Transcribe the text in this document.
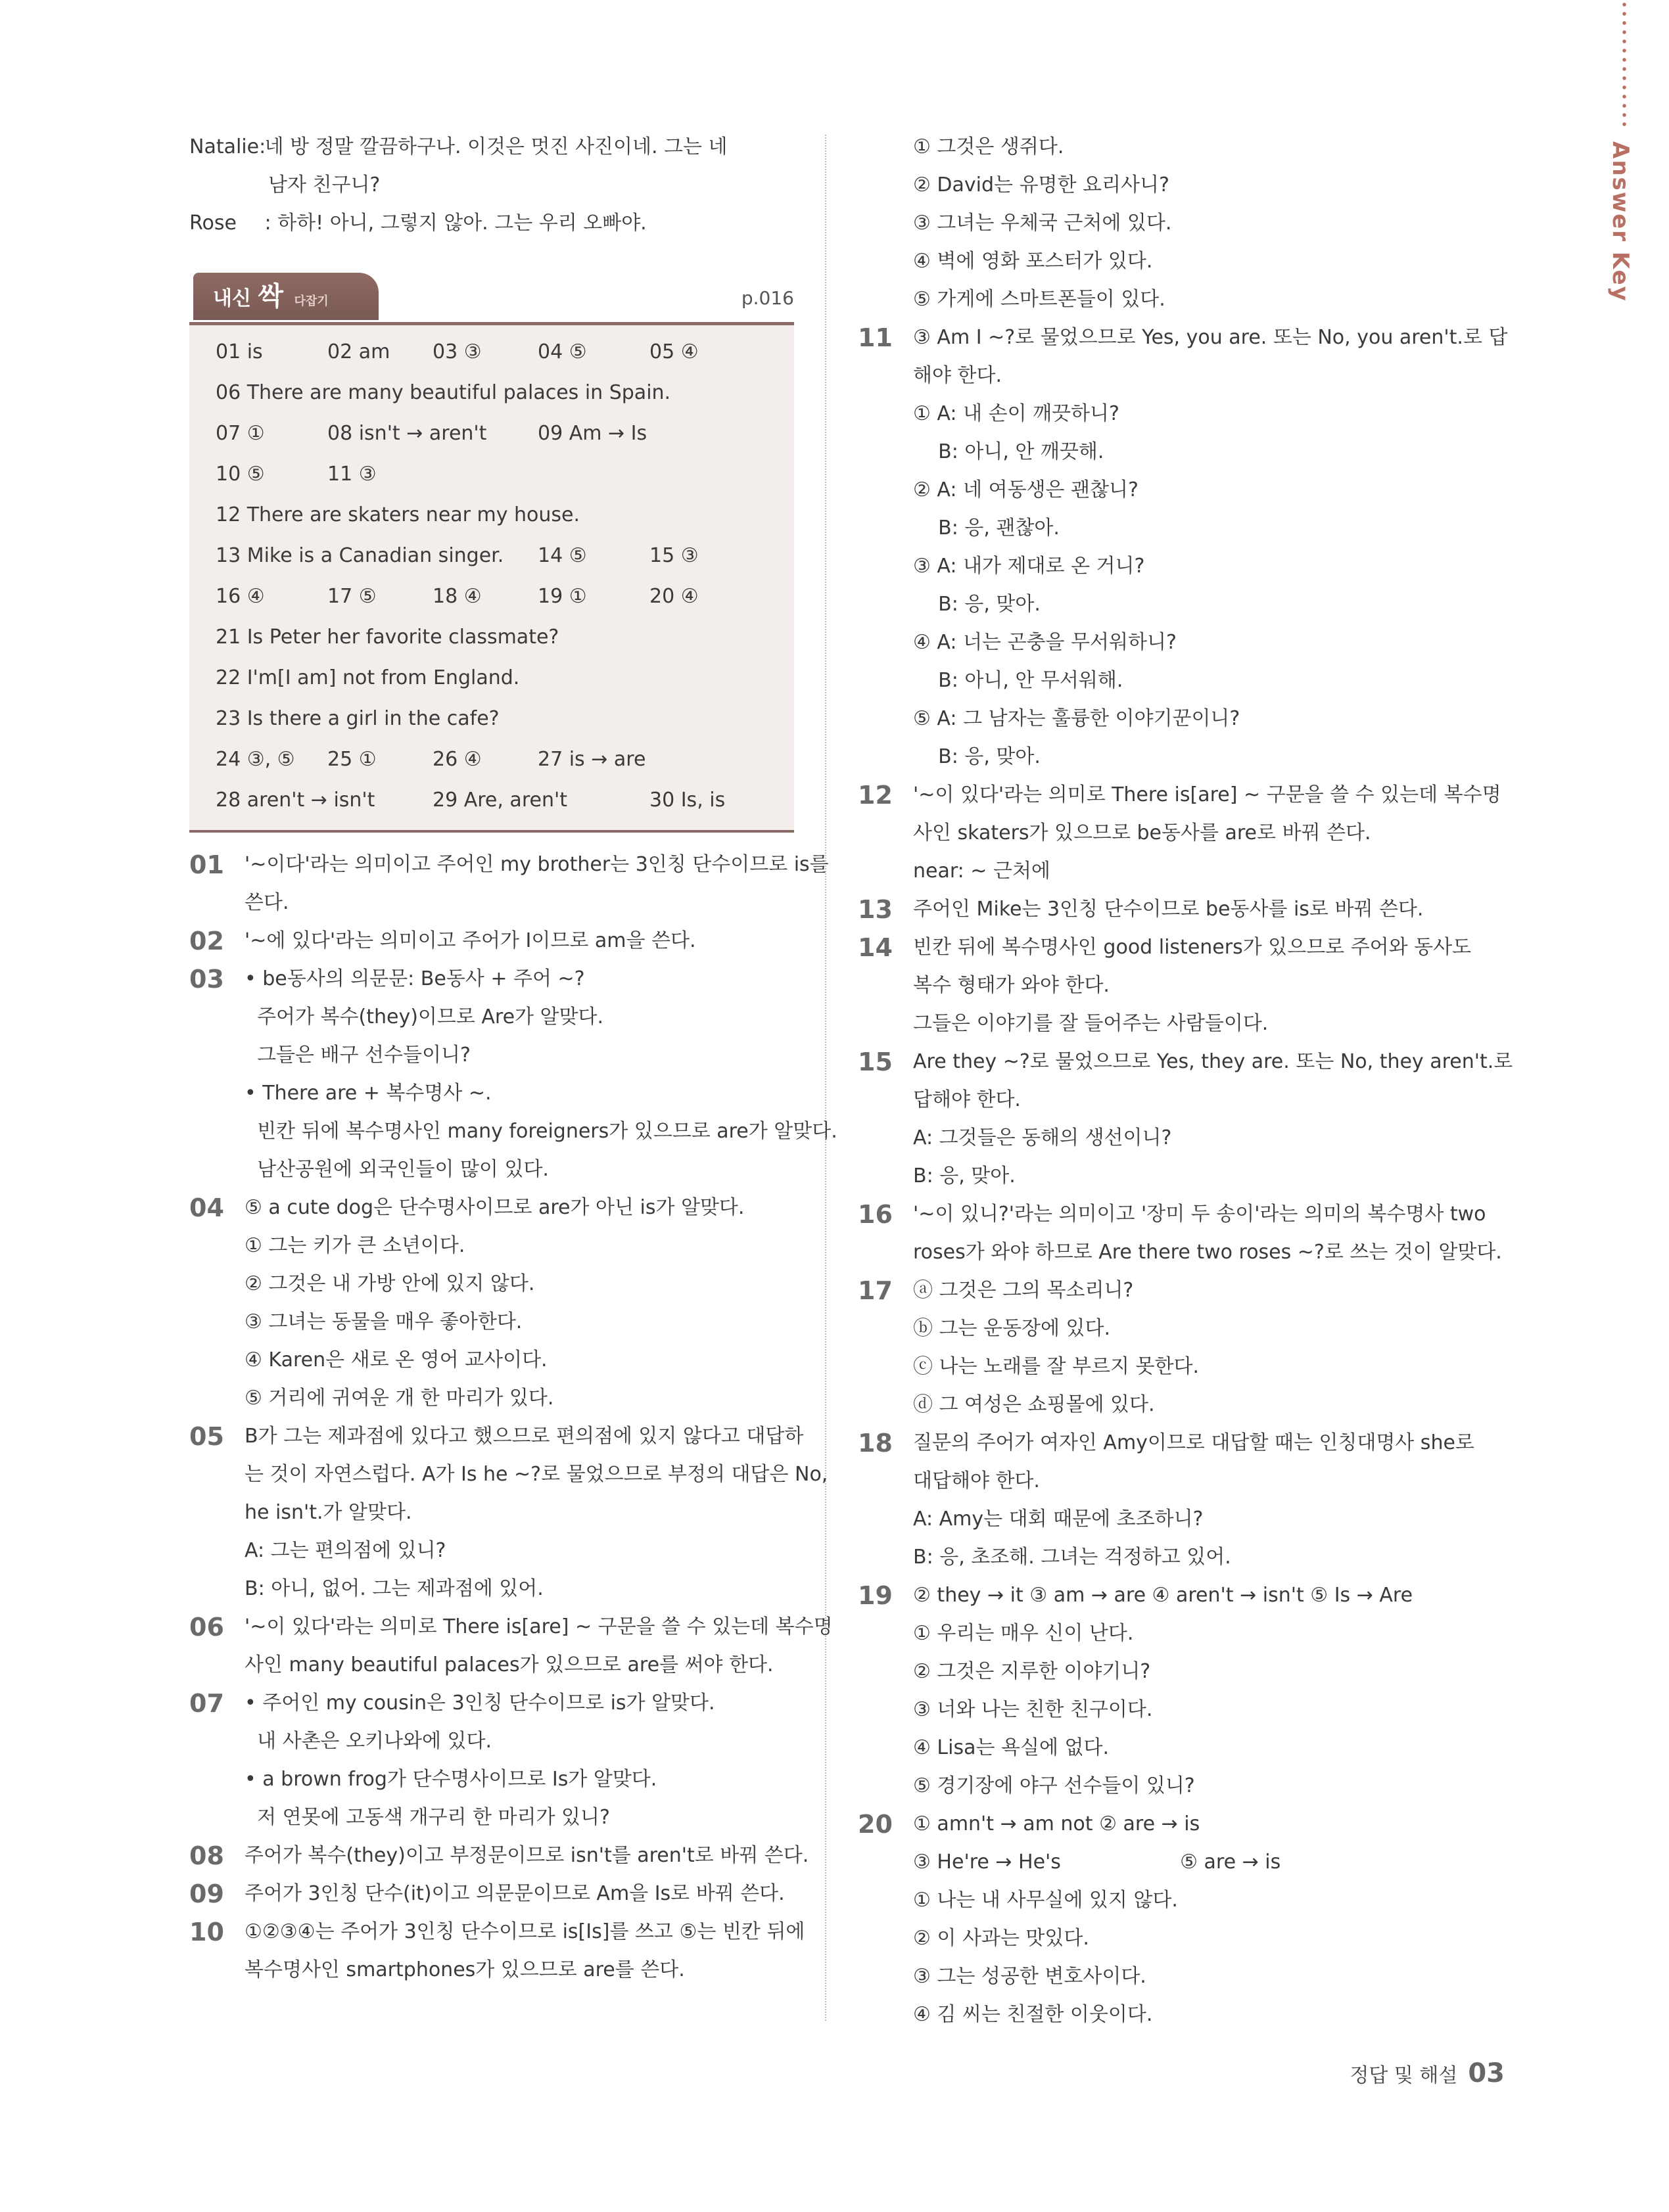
Answer Key
Natalie: 네 방 정말 깔끔하구나. 이것은 멋진 사진이네. 그는 네
남자 친구니?
Rose : 하하! 아니, 그렇지 않아. 그는 우리 오빠야.
내신 싹 다잡기	p.016
01 is	02 am 03 ③	04 ⑤	05 ④
06 There are many beautiful palaces in Spain.
07 ①	08 isn't → aren't	09 Am → Is
10 ⑤	11 ③
12 There are skaters near my house.
13 Mike is a Canadian singer. 14 ⑤	15 ③
16 ④	17 ⑤	18 ④	19 ①	20 ④
21 Is Peter her favorite classmate?
22 I'm[I am] not from England.
23 Is there a girl in the cafe?
24 ③, ⑤ 25 ①	26 ④	27 is → are
28 aren't → isn't	29 Are, aren't	30 Is, is
01	'~이다'라는 의미이고 주어인 my brother는 3인칭 단수이므로 is를
쓴다.
02	'~에 있다'라는 의미이고 주어가 I이므로 am을 쓴다.
03	• be동사의 의문문: Be동사 + 주어 ~?
주어가 복수(they)이므로 Are가 알맞다.
그들은 배구 선수들이니?
• There are + 복수명사 ~.
빈칸 뒤에 복수명사인 many foreigners가 있으므로 are가 알맞다.
남산공원에 외국인들이 많이 있다.
04	⑤ a cute dog은 단수명사이므로 are가 아닌 is가 알맞다.
① 그는 키가 큰 소년이다.
② 그것은 내 가방 안에 있지 않다.
③ 그녀는 동물을 매우 좋아한다.
④ Karen은 새로 온 영어 교사이다.
⑤ 거리에 귀여운 개 한 마리가 있다.
05	B가 그는 제과점에 있다고 했으므로 편의점에 있지 않다고 대답하
는 것이 자연스럽다. A가 Is he ~?로 물었으므로 부정의 대답은 No,
he isn't.가 알맞다.
A: 그는 편의점에 있니?
B: 아니, 없어. 그는 제과점에 있어.
06	'~이 있다'라는 의미로 There is[are] ~ 구문을 쓸 수 있는데 복수명
사인 many beautiful palaces가 있으므로 are를 써야 한다.
07	• 주어인 my cousin은 3인칭 단수이므로 is가 알맞다.
내 사촌은 오키나와에 있다.
• a brown frog가 단수명사이므로 Is가 알맞다.
저 연못에 고동색 개구리 한 마리가 있니?
08	주어가 복수(they)이고 부정문이므로 isn't를 aren't로 바꿔 쓴다.
09	주어가 3인칭 단수(it)이고 의문문이므로 Am을 Is로 바꿔 쓴다.
10	①②③④는 주어가 3인칭 단수이므로 is[Is]를 쓰고 ⑤는 빈칸 뒤에
복수명사인 smartphones가 있으므로 are를 쓴다.
① 그것은 생쥐다.
② David는 유명한 요리사니?
③ 그녀는 우체국 근처에 있다.
④ 벽에 영화 포스터가 있다.
⑤ 가게에 스마트폰들이 있다.
11	③ Am I ~?로 물었으므로 Yes, you are. 또는 No, you aren't.로 답
해야 한다.
① A: 내 손이 깨끗하니?
B: 아니, 안 깨끗해.
② A: 네 여동생은 괜찮니?
B: 응, 괜찮아.
③ A: 내가 제대로 온 거니?
B: 응, 맞아.
④ A: 너는 곤충을 무서워하니?
B: 아니, 안 무서워해.
⑤ A: 그 남자는 훌륭한 이야기꾼이니?
B: 응, 맞아.
12	'~이 있다'라는 의미로 There is[are] ~ 구문을 쓸 수 있는데 복수명
사인 skaters가 있으므로 be동사를 are로 바꿔 쓴다.
near: ~ 근처에
13	주어인 Mike는 3인칭 단수이므로 be동사를 is로 바꿔 쓴다.
14	빈칸 뒤에 복수명사인 good listeners가 있으므로 주어와 동사도
복수 형태가 와야 한다.
그들은 이야기를 잘 들어주는 사람들이다.
15	Are they ~?로 물었으므로 Yes, they are. 또는 No, they aren't.로
답해야 한다.
A: 그것들은 동해의 생선이니?
B: 응, 맞아.
16	'~이 있니?'라는 의미이고 '장미 두 송이'라는 의미의 복수명사 two
roses가 와야 하므로 Are there two roses ~?로 쓰는 것이 알맞다.
17	ⓐ 그것은 그의 목소리니?
ⓑ 그는 운동장에 있다.
ⓒ 나는 노래를 잘 부르지 못한다.
ⓓ 그 여성은 쇼핑몰에 있다.
18	질문의 주어가 여자인 Amy이므로 대답할 때는 인칭대명사 she로
대답해야 한다.
A: Amy는 대회 때문에 초조하니?
B: 응, 초조해. 그녀는 걱정하고 있어.
19	② they → it ③ am → are ④ aren't → isn't ⑤ Is → Are
① 우리는 매우 신이 난다.
② 그것은 지루한 이야기니?
③ 너와 나는 친한 친구이다.
④ Lisa는 욕실에 없다.
⑤ 경기장에 야구 선수들이 있니?
20	① amn't → am not ② are → is
③ He're → He's                   ⑤ are → is
① 나는 내 사무실에 있지 않다.
② 이 사과는 맛있다.
③ 그는 성공한 변호사이다.
④ 김 씨는 친절한 이웃이다.
정답 및 해설 03
